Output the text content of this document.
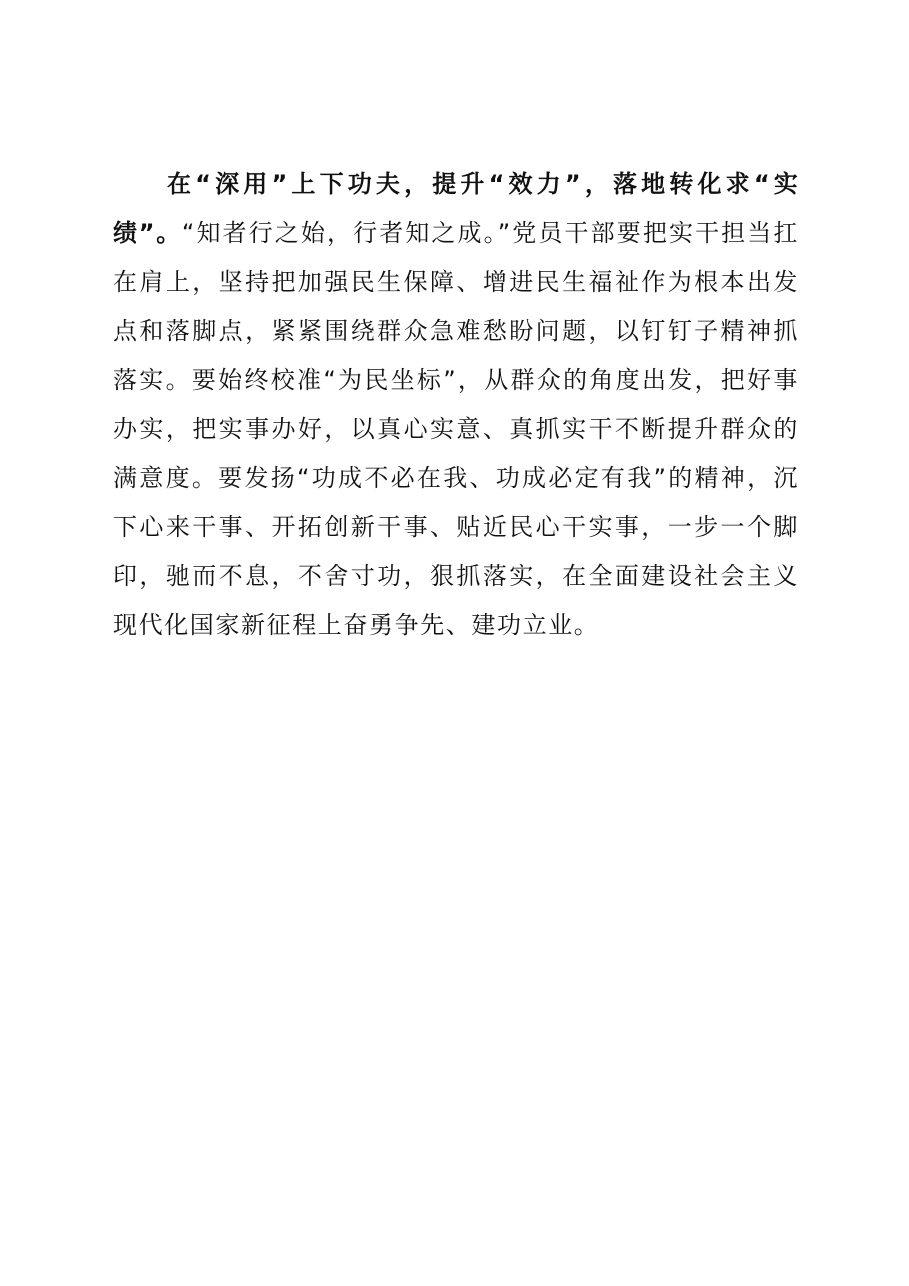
在“深用”上下功夫，提升“效力”，落地转化求“实绩”。“知者行之始，行者知之成。”党员干部要把实干担当扛在肩上，坚持把加强民生保障、增进民生福祉作为根本出发点和落脚点，紧紧围绕群众急难愁盼问题，以钉钉子精神抓落实。要始终校准“为民坐标”，从群众的角度出发，把好事办实，把实事办好，以真心实意、真抓实干不断提升群众的满意度。要发扬“功成不必在我、功成必定有我”的精神，沉下心来干事、开拓创新干事、贴近民心干实事，一步一个脚印，驰而不息，不舍寸功，狠抓落实，在全面建设社会主义现代化国家新征程上奋勇争先、建功立业。
